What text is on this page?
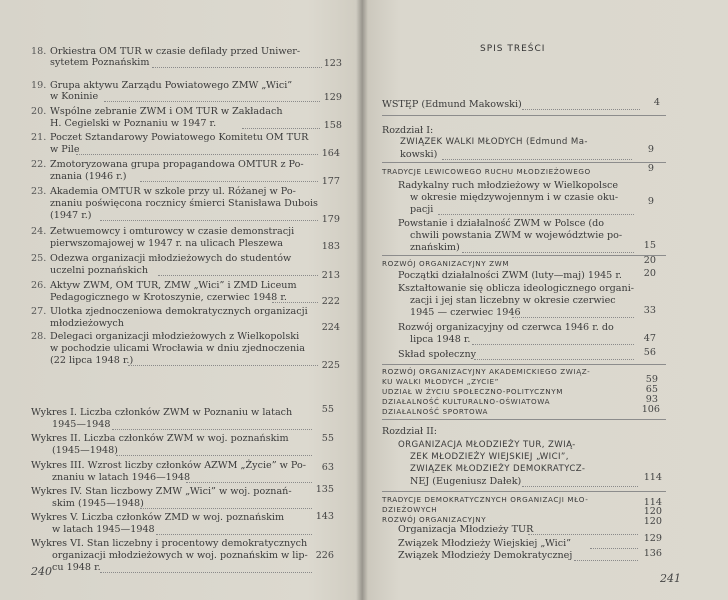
18. Orkiestra OM TUR w czasie defilady przed Uniwer-
sytetem Poznańskim	123
19. Grupa aktywu Zarządu Powiatowego ZMW „Wici”
w Koninie	129
20. Wspólne zebranie ZWM i OM TUR w Zakładach
H. Cegielski w Poznaniu w 1947 r.	158
21. Poczet Sztandarowy Powiatowego Komitetu OM TUR
w Pile	164
22. Zmotoryzowana grupa propagandowa OMTUR z Po-
znania (1946 r.)	177
23. Akademia OMTUR w szkole przy ul. Różanej w Po-
znaniu poświęcona rocznicy śmierci Stanisława Dubois
(1947 r.)	179
24. Zetwuemowcy i omturowcy w czasie demonstracji
pierwszomajowej w 1947 r. na ulicach Pleszewa	183
25. Odezwa organizacji młodzieżowych do studentów
uczelni poznańskich	213
26. Aktyw ZWM, OM TUR, ZMW „Wici” i ZMD Liceum
Pedagogicznego w Krotoszynie, czerwiec 1948 r.	222
27. Ulotka zjednoczeniowa demokratycznych organizacji
młodzieżowych	224
28. Delegaci organizacji młodzieżowych z Wielkopolski
w pochodzie ulicami Wrocławia w dniu zjednoczenia
(22 lipca 1948 r.)	225
Wykres I. Liczba członków ZWM w Poznaniu w latach
1945—1948
55
Wykres II. Liczba członków ZWM w woj. poznańskim
(1945—1948)
55
Wykres III. Wzrost liczby członków AZWM „Życie” w Po-
znaniu w latach 1946—1948
63
Wykres IV. Stan liczbowy ZMW „Wici” w woj. poznań-
skim (1945—1948)
135
Wykres V. Liczba członków ZMD w woj. poznańskim
w latach 1945—1948
143
Wykres VI. Stan liczebny i procentowy demokratycznych
organizacji młodzieżowych w woj. poznańskim w lip-
cu 1948 r.
226
240
SPIS TREŚCI
WSTĘP (Edmund Makowski)	4
Rozdział I:
ZWIĄZEK WALKI MŁODYCH (Edmund Ma-
kowski)	9
TRADYCJE LEWICOWEGO RUCHU MŁODZIEŻOWEGO	9
Radykalny ruch młodzieżowy w Wielkopolsce
w okresie międzywojennym i w czasie oku-
pacji
9
Powstanie i działalność ZWM w Polsce (do
chwili powstania ZWM w województwie po-
znańskim)	15
ROZWÓJ ORGANIZACYJNY ZWM	20
Początki działalności ZWM (luty—maj) 1945 r.	20
Kształtowanie się oblicza ideologicznego organi-
zacji i jej stan liczebny w okresie czerwiec
1945 — czerwiec 1946	33
Rozwój organizacyjny od czerwca 1946 r. do
lipca 1948 r.	47
Skład społeczny	56
ROZWÓJ ORGANIZACYJNY AKADEMICKIEGO ZWIĄZ-
KU WALKI MŁODYCH „ZYCIE”	59
UDZIAŁ W ŻYCIU SPOŁECZNO-POLITYCZNYM	65
DZIAŁALNOŚĆ KULTURALNO-OŚWIATOWA	93
DZIAŁALNOŚĆ SPORTOWA	106
Rozdział II:
ORGANIZACJA MŁODZIEŻY TUR, ZWIĄ-
ZEK MŁODZIEŻY WIEJSKIEJ „WICI”,
ZWIĄZEK MŁODZIEŻY DEMOKRATYCZ-
NEJ (Eugeniusz Dałek)	114
TRADYCJE DEMOKRATYCZNYCH ORGANIZACJI MŁO-
DZIEŻOWYCH
114
ROZWÓJ ORGANIZACYJNY
120
Organizacja Młodzieży TUR
120
Związek Młodzieży Wiejskiej „Wici”	129
Związek Młodzieży Demokratycznej	136
241
